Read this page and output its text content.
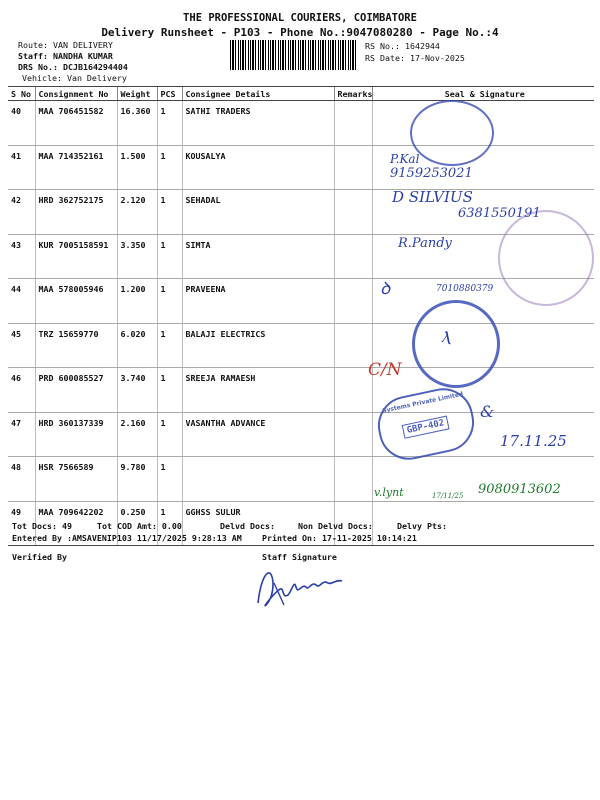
THE PROFESSIONAL COURIERS, COIMBATORE
Delivery Runsheet - P103 - Phone No.:9047080280 - Page No.:4
Route: VAN DELIVERY
Staff: NANDHA KUMAR
DRS No.: DCJB164294404
Vehicle: Van Delivery
RS No.: 1642944
RS Date: 17-Nov-2025
S No	Consignment No	Weight	PCS	Consignee Details	Remarks	Seal & Signature
40	MAA 706451582	16.360	1	SATHI TRADERS		
41	MAA 714352161	1.500	1	KOUSALYA		
42	HRD 362752175	2.120	1	SEHADAL		
43	KUR 7005158591	3.350	1	SIMTA		
44	MAA 578005946	1.200	1	PRAVEENA		
45	TRZ 15659770	6.020	1	BALAJI ELECTRICS		
46	PRD 600085527	3.740	1	SREEJA RAMAESH		
47	HRD 360137339	2.160	1	VASANTHA ADVANCE		
48	HSR 7566589	9.780	1			
49	MAA 709642202	0.250	1	GGHSS SULUR		
P.Kal
9159253021
D SILVIUS
6381550191
R.Pandy
ꝺ	7010880379
ⲗ
C/N
Systems Private Limited
GBP-402
&
17.11.25
v.lynt	17/11/25 9080913602
Tot Docs: 49	Tot COD Amt: 0.00	Delvd Docs:	Non Delvd Docs:	Delvy Pts:
Entered By :AMSAVENIP103 11/17/2025 9:28:13 AM Printed On: 17-11-2025 10:14:21
Verified By	Staff Signature
